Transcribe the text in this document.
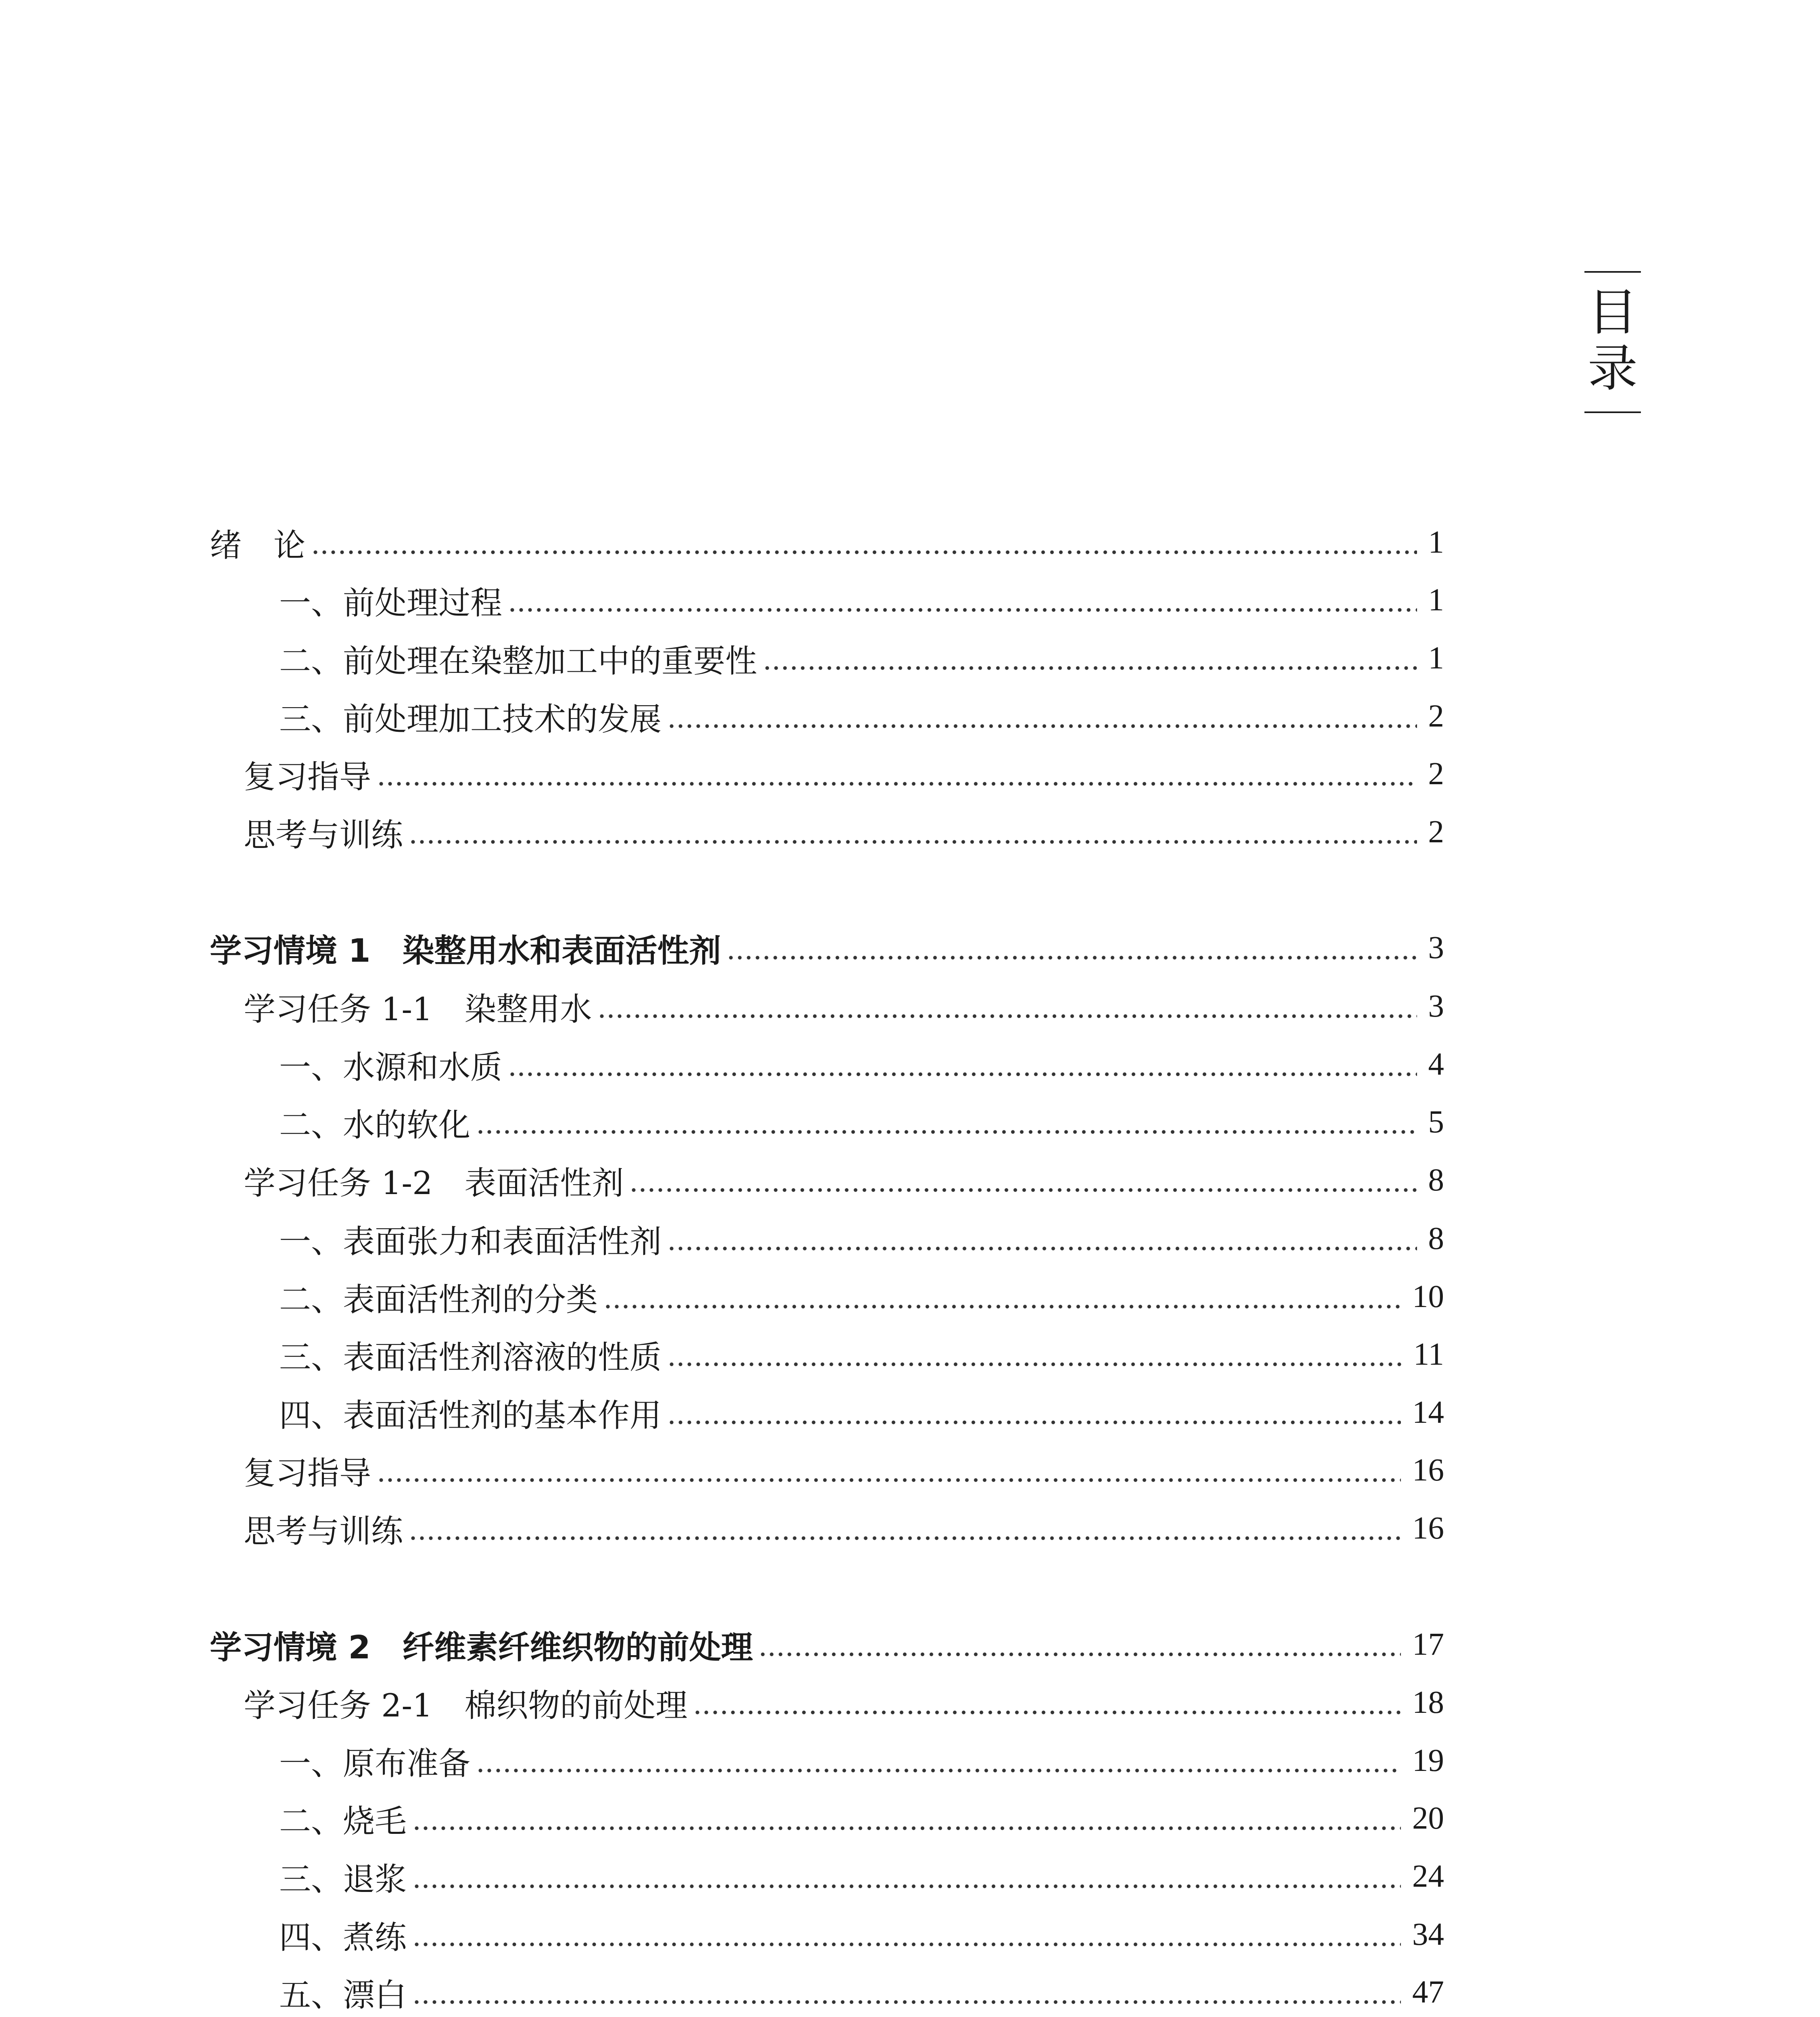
目
录
绪　论	1
一、前处理过程	1
二、前处理在染整加工中的重要性	1
三、前处理加工技术的发展	2
复习指导	2
思考与训练	2
学习情境 1　染整用水和表面活性剂	3
学习任务 1-1　染整用水	3
一、水源和水质	4
二、水的软化	5
学习任务 1-2　表面活性剂	8
一、表面张力和表面活性剂	8
二、表面活性剂的分类	10
三、表面活性剂溶液的性质	11
四、表面活性剂的基本作用	14
复习指导	16
思考与训练	16
学习情境 2　纤维素纤维织物的前处理	17
学习任务 2-1　棉织物的前处理	18
一、原布准备	19
二、烧毛	20
三、退浆	24
四、煮练	34
五、漂白	47
